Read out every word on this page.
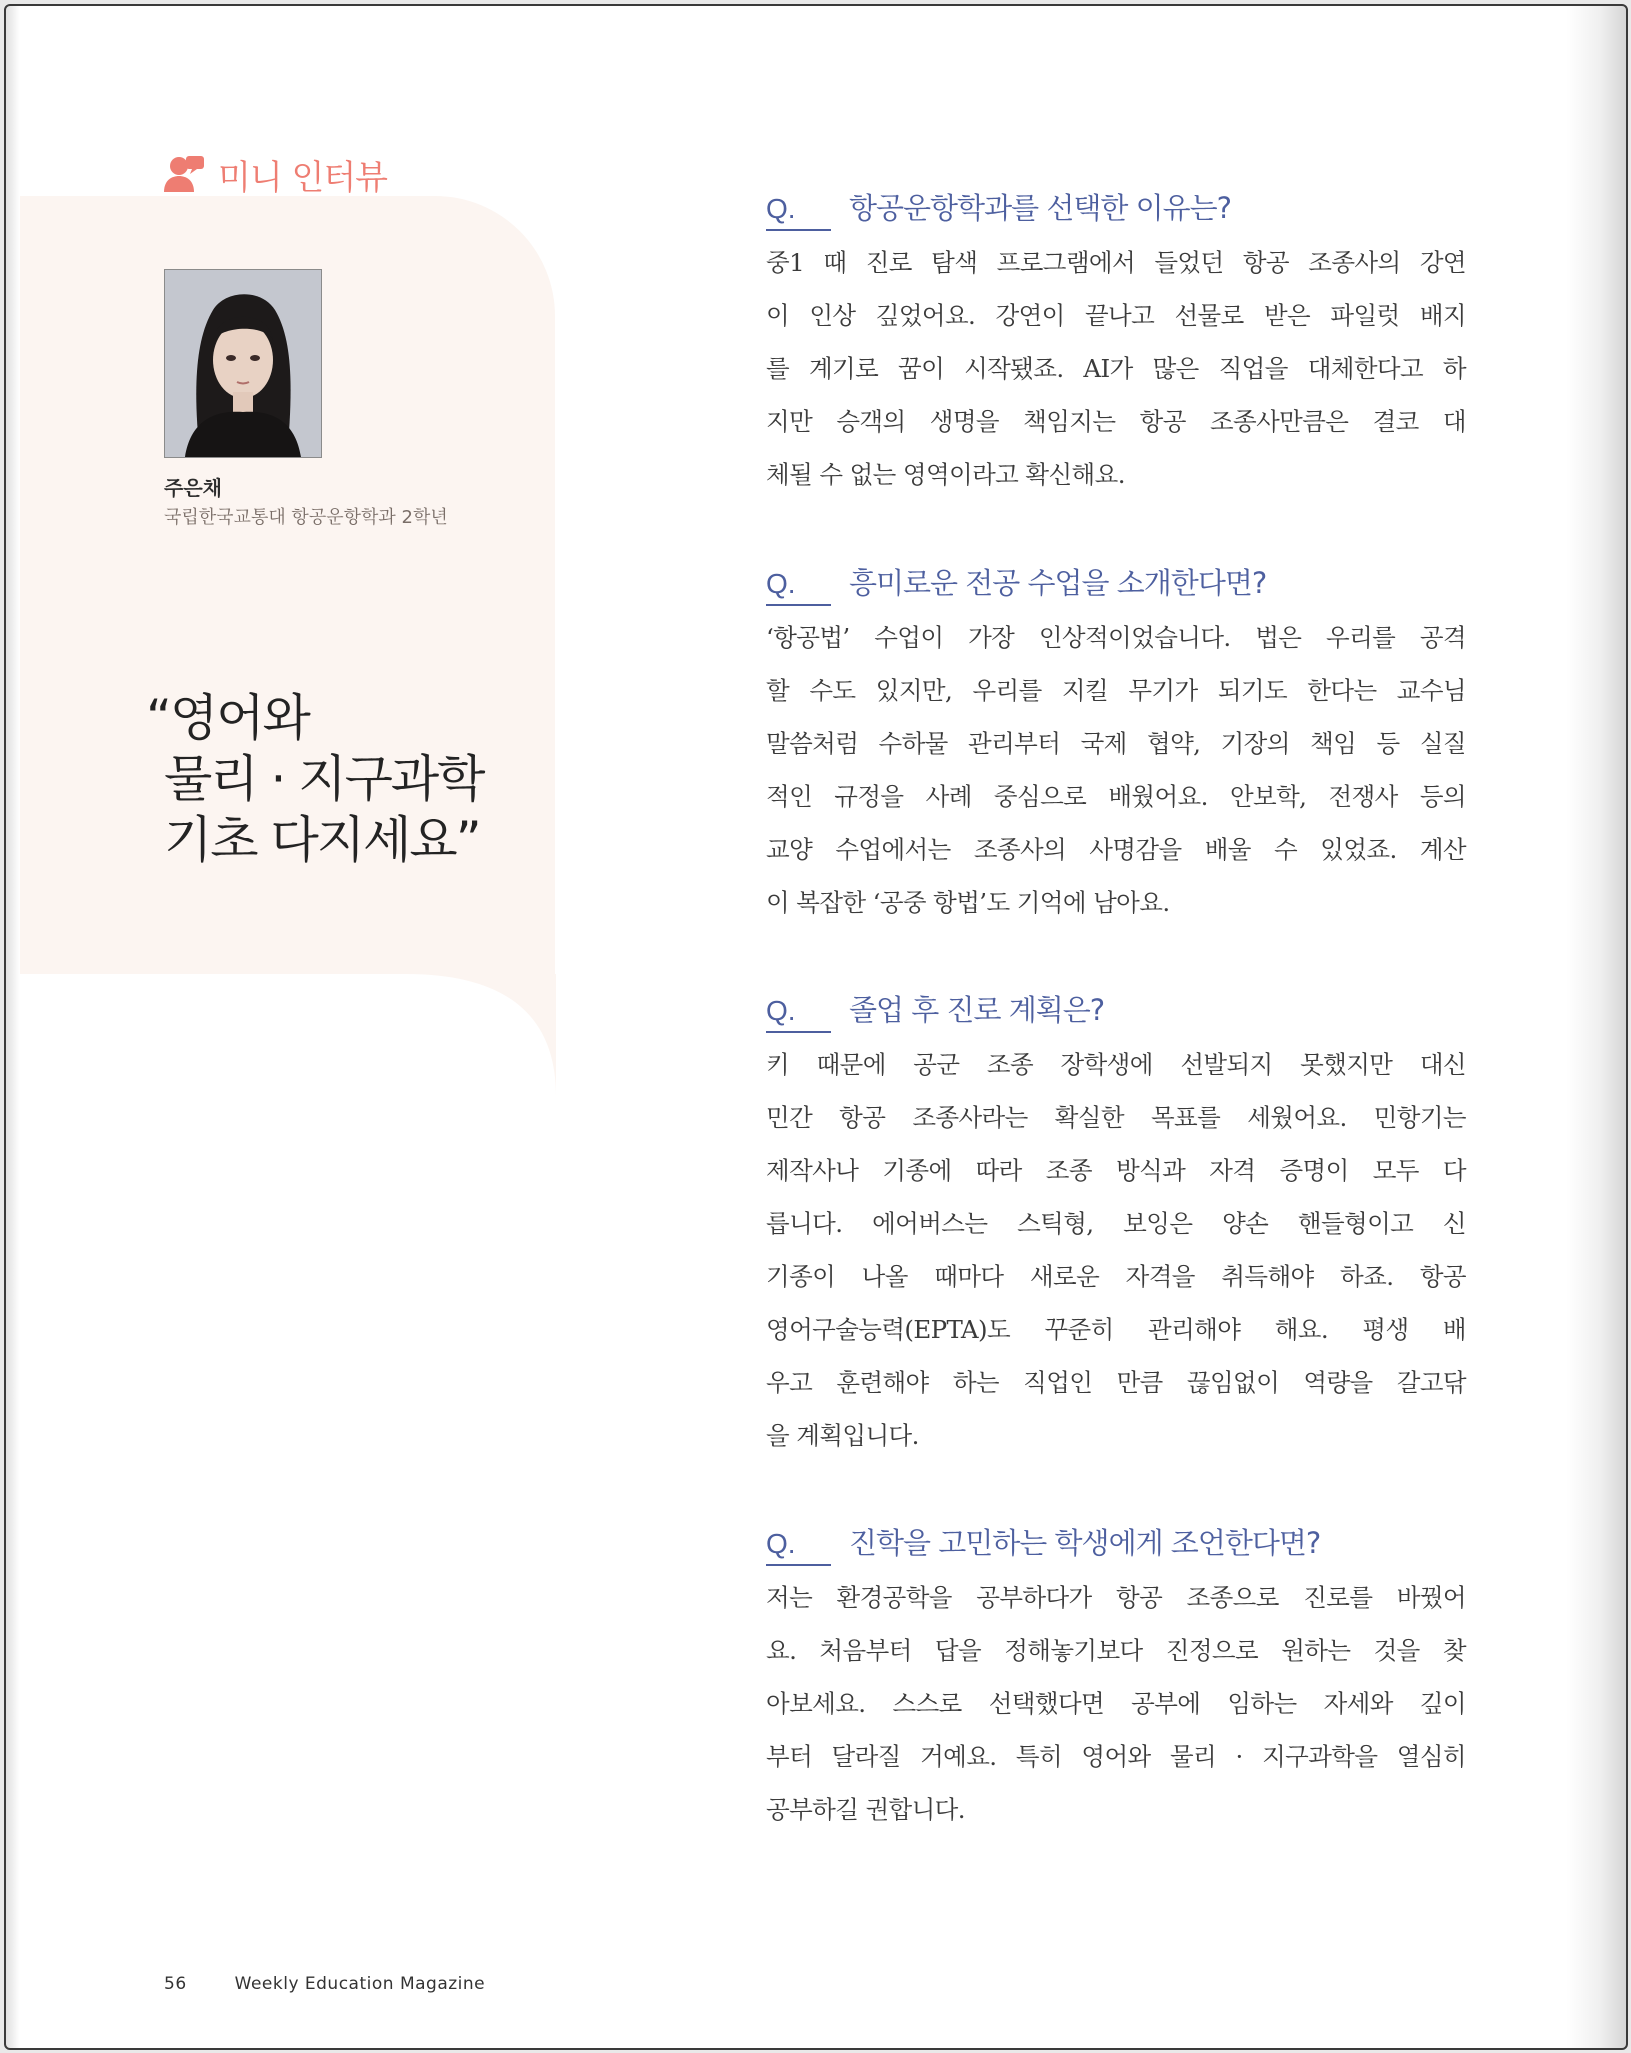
미니 인터뷰
주은채
국립한국교통대 항공운항학과 2학년
“영어와
물리 · 지구과학
기초 다지세요”
Q.	항공운항학과를 선택한 이유는?
중1 때 진로 탐색 프로그램에서 들었던 항공 조종사의 강연
이 인상 깊었어요. 강연이 끝나고 선물로 받은 파일럿 배지
를 계기로 꿈이 시작됐죠. AI가 많은 직업을 대체한다고 하
지만 승객의 생명을 책임지는 항공 조종사만큼은 결코 대
체될 수 없는 영역이라고 확신해요.
Q.	흥미로운 전공 수업을 소개한다면?
‘항공법’ 수업이 가장 인상적이었습니다. 법은 우리를 공격
할 수도 있지만, 우리를 지킬 무기가 되기도 한다는 교수님
말씀처럼 수하물 관리부터 국제 협약, 기장의 책임 등 실질
적인 규정을 사례 중심으로 배웠어요. 안보학, 전쟁사 등의
교양 수업에서는 조종사의 사명감을 배울 수 있었죠. 계산
이 복잡한 ‘공중 항법’도 기억에 남아요.
Q.	졸업 후 진로 계획은?
키 때문에 공군 조종 장학생에 선발되지 못했지만 대신
민간 항공 조종사라는 확실한 목표를 세웠어요. 민항기는
제작사나 기종에 따라 조종 방식과 자격 증명이 모두 다
릅니다. 에어버스는 스틱형, 보잉은 양손 핸들형이고 신
기종이 나올 때마다 새로운 자격을 취득해야 하죠. 항공
영어구술능력(EPTA)도 꾸준히 관리해야 해요. 평생 배
우고 훈련해야 하는 직업인 만큼 끊임없이 역량을 갈고닦
을 계획입니다.
Q.	진학을 고민하는 학생에게 조언한다면?
저는 환경공학을 공부하다가 항공 조종으로 진로를 바꿨어
요. 처음부터 답을 정해놓기보다 진정으로 원하는 것을 찾
아보세요. 스스로 선택했다면 공부에 임하는 자세와 깊이
부터 달라질 거예요. 특히 영어와 물리 · 지구과학을 열심히
공부하길 권합니다.
56	Weekly Education Magazine
